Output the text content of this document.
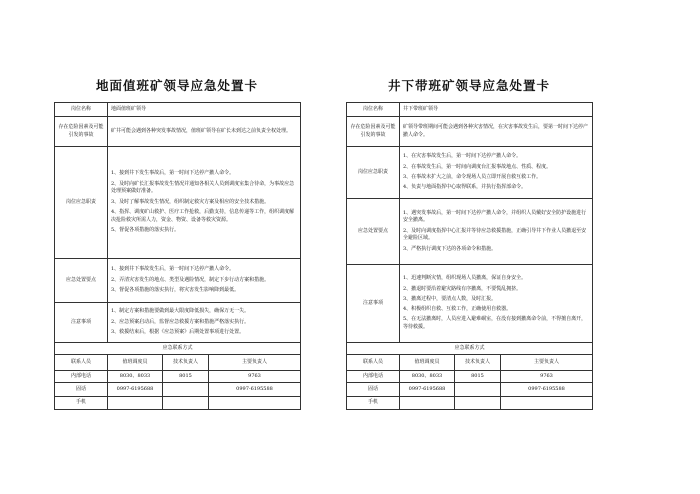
地面值班矿领导应急处置卡
岗位名称	地面值班矿领导		
存在危险因素及可能引发的事故	矿井可能会遇到各种突发事故情况，值班矿领导在矿长未到达之前负责全权处理。		
岗位应急职责	1、接到井下发生事故后，第一时间下达停产撤人命令。
2、及时向矿长汇报事故发生情况并通知各相关人员到调度室集合待命，为事故应急处理预案做好准备。
3、及时了解事故发生情况，组织制定救灾方案及相应的安全技术措施。
4、指挥、调度矿山救护、医疗工作抢救，后勤支持，信息传递等工作，组织调度解决抢险救灾所需人力，资金、物资、设备等救灾资源。
5、督促各项措施的落实执行。		

应急处置要点	1、接到井下事故发生后，第一时间下达停产撤人命令。
2、弄清灾害发生的地点、类型及遇险情况，制定下步行动方案和措施。
3、督促各项措施的落实执行，将灾害发生影响降到最低。		

注意事项	1、制定方案和措施要做到最大限度降低损失，确保万无一失。
2、应急预案启动后，监督应急救援方案和措施严格落实执行。
3、救援结束后，根据《应急预案》后期处置事项进行处置。		

应急联系方式			
联系人员	值班调度员	技术负责人	主要负责人
内部电话	8030、8033	8015	9763
固话	0997-6195688		0997-6195588
手机			
井下带班矿领导应急处置卡
岗位名称	井下带班矿领导		
存在危险因素及可能引发的事故	矿领导带班期间可能会遇到各种灾害情况，在灾害事故发生后，要第一时间下达停产撤人命令。		
岗位应急职责	1、在灾害事故发生后，第一时间下达停产撤人命令。
2、在事故发生后，第一时间向调度台汇报事故地点、性质、程度。
3、在事故未扩大之前，命令现场人员立即开展自救互救工作。
4、负责与地面指挥中心取得联系，并执行指挥部命令。		

应急处置要点	1、遇突发事故后，第一时间下达停产撤人命令，并组织人员戴好安全防护设施进行安全撤离。
2、及时向调度指挥中心汇报并等待应急救援措施，正确引导井下作业人员撤退至安全避险区域。
3、严格执行调度下达的各项命令和措施。		

注意事项	1、迅速判断灾情，组织现场人员撤离，保证自身安全。
2、撤退时要沿着避灾路线有序撤离，不要慌乱拥挤。
3、撤离过程中，要清点人数，及时汇报。
4、积极组织自救、互救工作，正确使用自救器。
5、在无法撤离时，人员应进入避难硐室，在没有接到撤离命令前，不得擅自离开，等待救援。		

应急联系方式			
联系人员	值班调度员	技术负责人	主要负责人
内部电话	8030、8033	8015	9763
固话	0997-6195688		0997-6195588
手机			
